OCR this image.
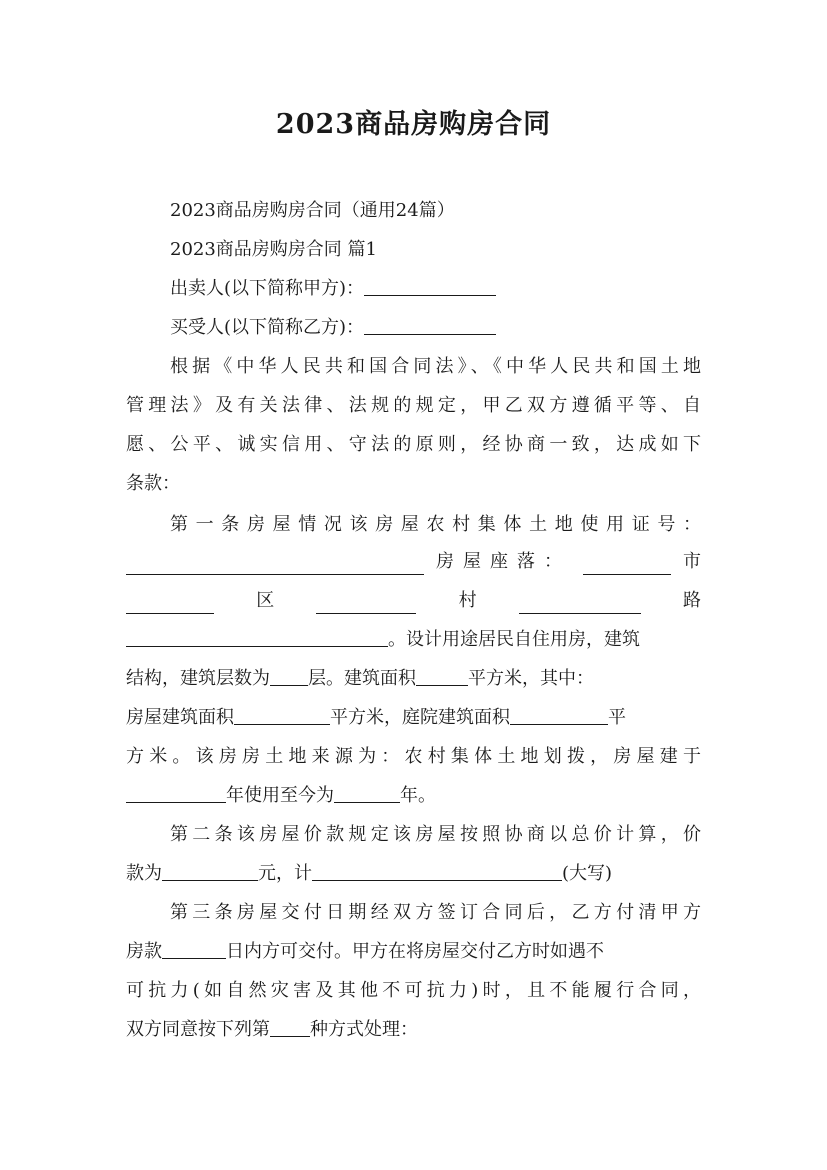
2023商品房购房合同
2023商品房购房合同（通用24篇）
2023商品房购房合同 篇1
出卖人(以下简称甲方)：
买受人(以下简称乙方)：
根据《中华人民共和国合同法》、《中华人民共和国土地
管理法》及有关法律、法规的规定，甲乙双方遵循平等、自
愿、公平、诚实信用、守法的原则，经协商一致，达成如下
条款：
第一条房屋情况该房屋农村集体土地使用证号：
房屋座落：	市
区	村	路
。设计用途居民自住用房，建筑
结构，建筑层数为 层。建筑面积	平方米，其中：
房屋建筑面积	平方米，庭院建筑面积	平
方米。该房房土地来源为：农村集体土地划拨，房屋建于
年使用至今为	年。
第二条该房屋价款规定该房屋按照协商以总价计算，价
款为	元，计	(大写)
第三条房屋交付日期经双方签订合同后，乙方付清甲方
房款	日内方可交付。甲方在将房屋交付乙方时如遇不
可抗力(如自然灾害及其他不可抗力)时，且不能履行合同，
双方同意按下列第 种方式处理：
